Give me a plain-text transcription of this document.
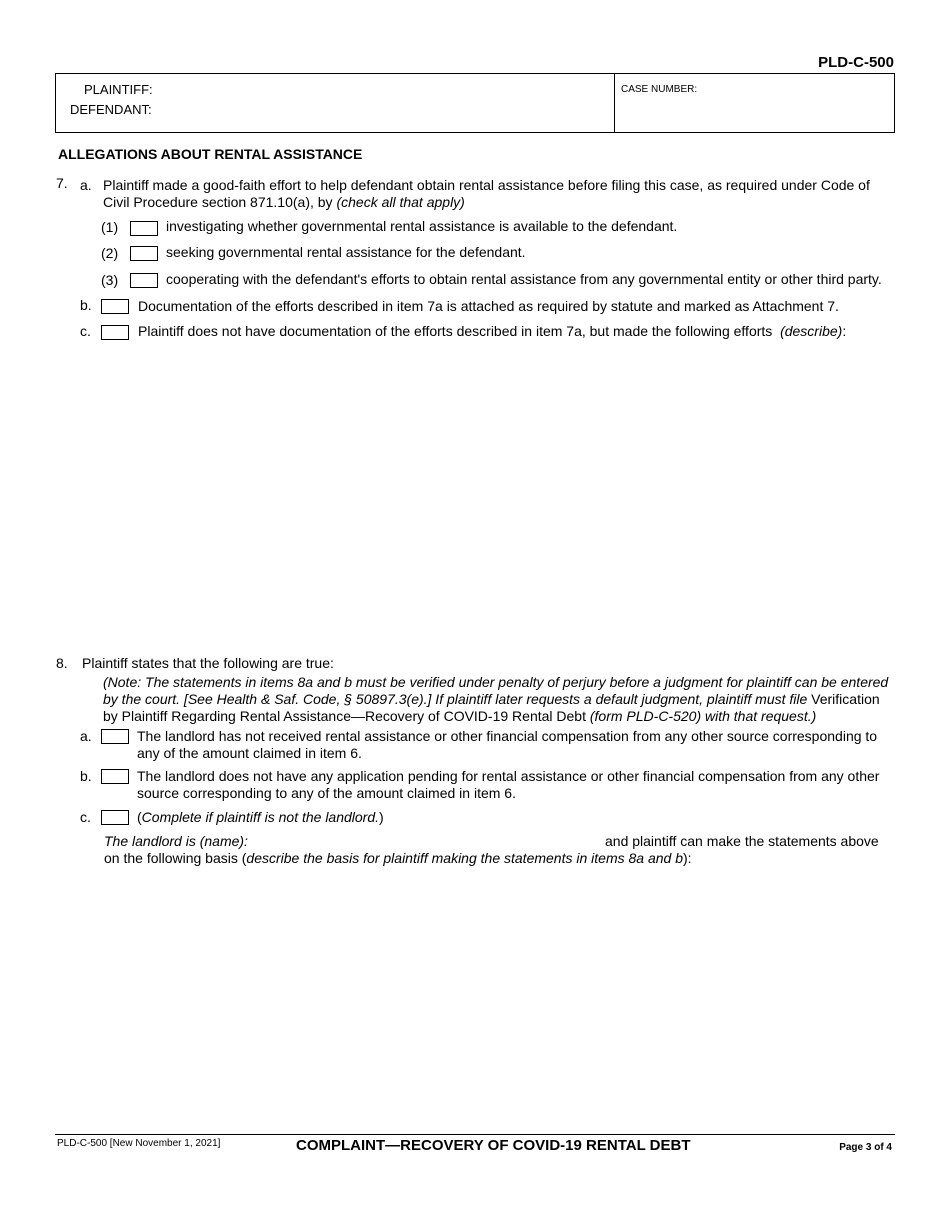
PLD-C-500
PLAINTIFF:
DEFENDANT:
CASE NUMBER:
ALLEGATIONS ABOUT RENTAL ASSISTANCE
7. a. Plaintiff made a good-faith effort to help defendant obtain rental assistance before filing this case, as required under Code of
Civil Procedure section 871.10(a), by (check all that apply)
(1)	investigating whether governmental rental assistance is available to the defendant.
(2)	seeking governmental rental assistance for the defendant.
(3)	cooperating with the defendant's efforts to obtain rental assistance from any governmental entity or other third party.
b.	Documentation of the efforts described in item 7a is attached as required by statute and marked as Attachment 7.
c.	Plaintiff does not have documentation of the efforts described in item 7a, but made the following efforts (describe):
8. Plaintiff states that the following are true:
(Note: The statements in items 8a and b must be verified under penalty of perjury before a judgment for plaintiff can be entered
by the court. [See Health & Saf. Code, § 50897.3(e).] If plaintiff later requests a default judgment, plaintiff must file Verification
by Plaintiff Regarding Rental Assistance—Recovery of COVID-19 Rental Debt (form PLD-C-520) with that request.)
a.	The landlord has not received rental assistance or other financial compensation from any other source corresponding to
any of the amount claimed in item 6.
b.	The landlord does not have any application pending for rental assistance or other financial compensation from any other
source corresponding to any of the amount claimed in item 6.
c.	(Complete if plaintiff is not the landlord.)
The landlord is (name):	and plaintiff can make the statements above
on the following basis (describe the basis for plaintiff making the statements in items 8a and b):
PLD-C-500 [New November 1, 2021]	COMPLAINT—RECOVERY OF COVID-19 RENTAL DEBT	Page 3 of 4
